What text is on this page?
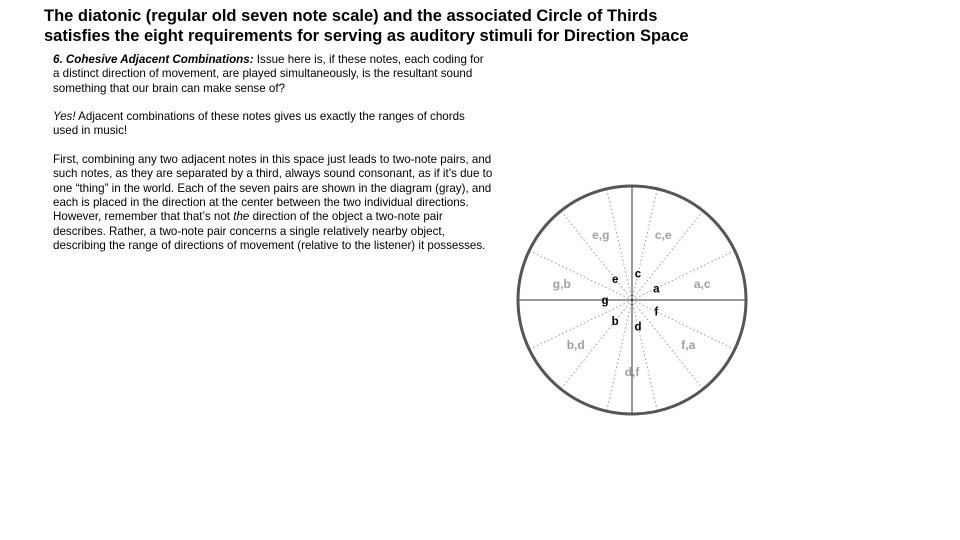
The diatonic (regular old seven note scale) and the associated Circle of Thirds
satisfies the eight requirements for serving as auditory stimuli for Direction Space

6. Cohesive Adjacent Combinations: Issue here is, if these notes, each coding for a distinct direction of movement, are played simultaneously, is the resultant sound something that our brain can make sense of?

Yes! Adjacent combinations of these notes gives us exactly the ranges of chords used in music!

First, combining any two adjacent notes in this space just leads to two-note pairs, and such notes, as they are separated by a third, always sound consonant, as if it’s due to one “thing” in the world. Each of the seven pairs are shown in the diagram (gray), and each is placed in the direction at the center between the two individual directions. However, remember that that’s not the direction of the object a two-note pair describes. Rather, a two-note pair concerns a single relatively nearby object, describing the range of directions of movement (relative to the listener) it possesses.

c,e
a,c
f,a
d,f
b,d
g,b
e,g
c
a
f
d
b
g
e
